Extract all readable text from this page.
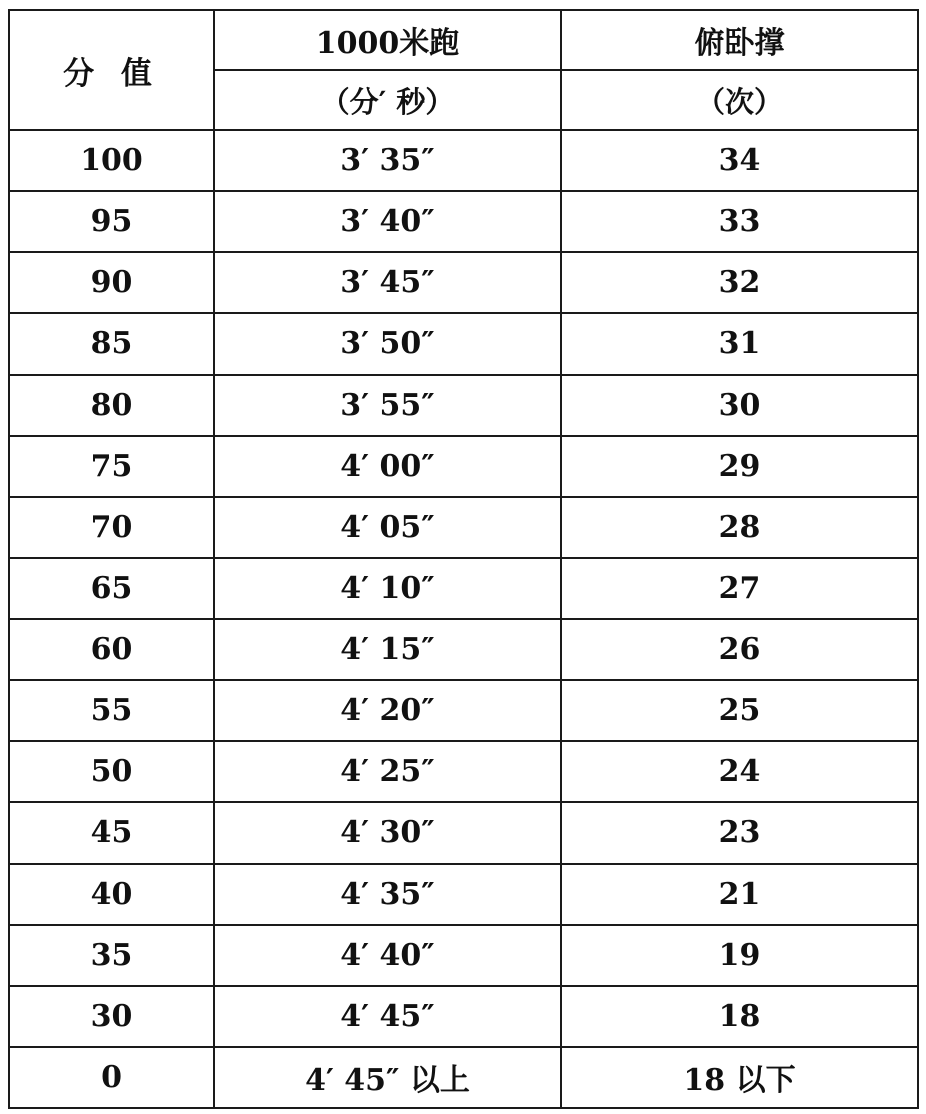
分 值	1000米跑	俯卧撑
	（分′ 秒）	（次）
100	3′ 35″	34
95	3′ 40″	33
90	3′ 45″	32
85	3′ 50″	31
80	3′ 55″	30
75	4′ 00″	29
70	4′ 05″	28
65	4′ 10″	27
60	4′ 15″	26
55	4′ 20″	25
50	4′ 25″	24
45	4′ 30″	23
40	4′ 35″	21
35	4′ 40″	19
30	4′ 45″	18
0	4′ 45″ 以上	18 以下
